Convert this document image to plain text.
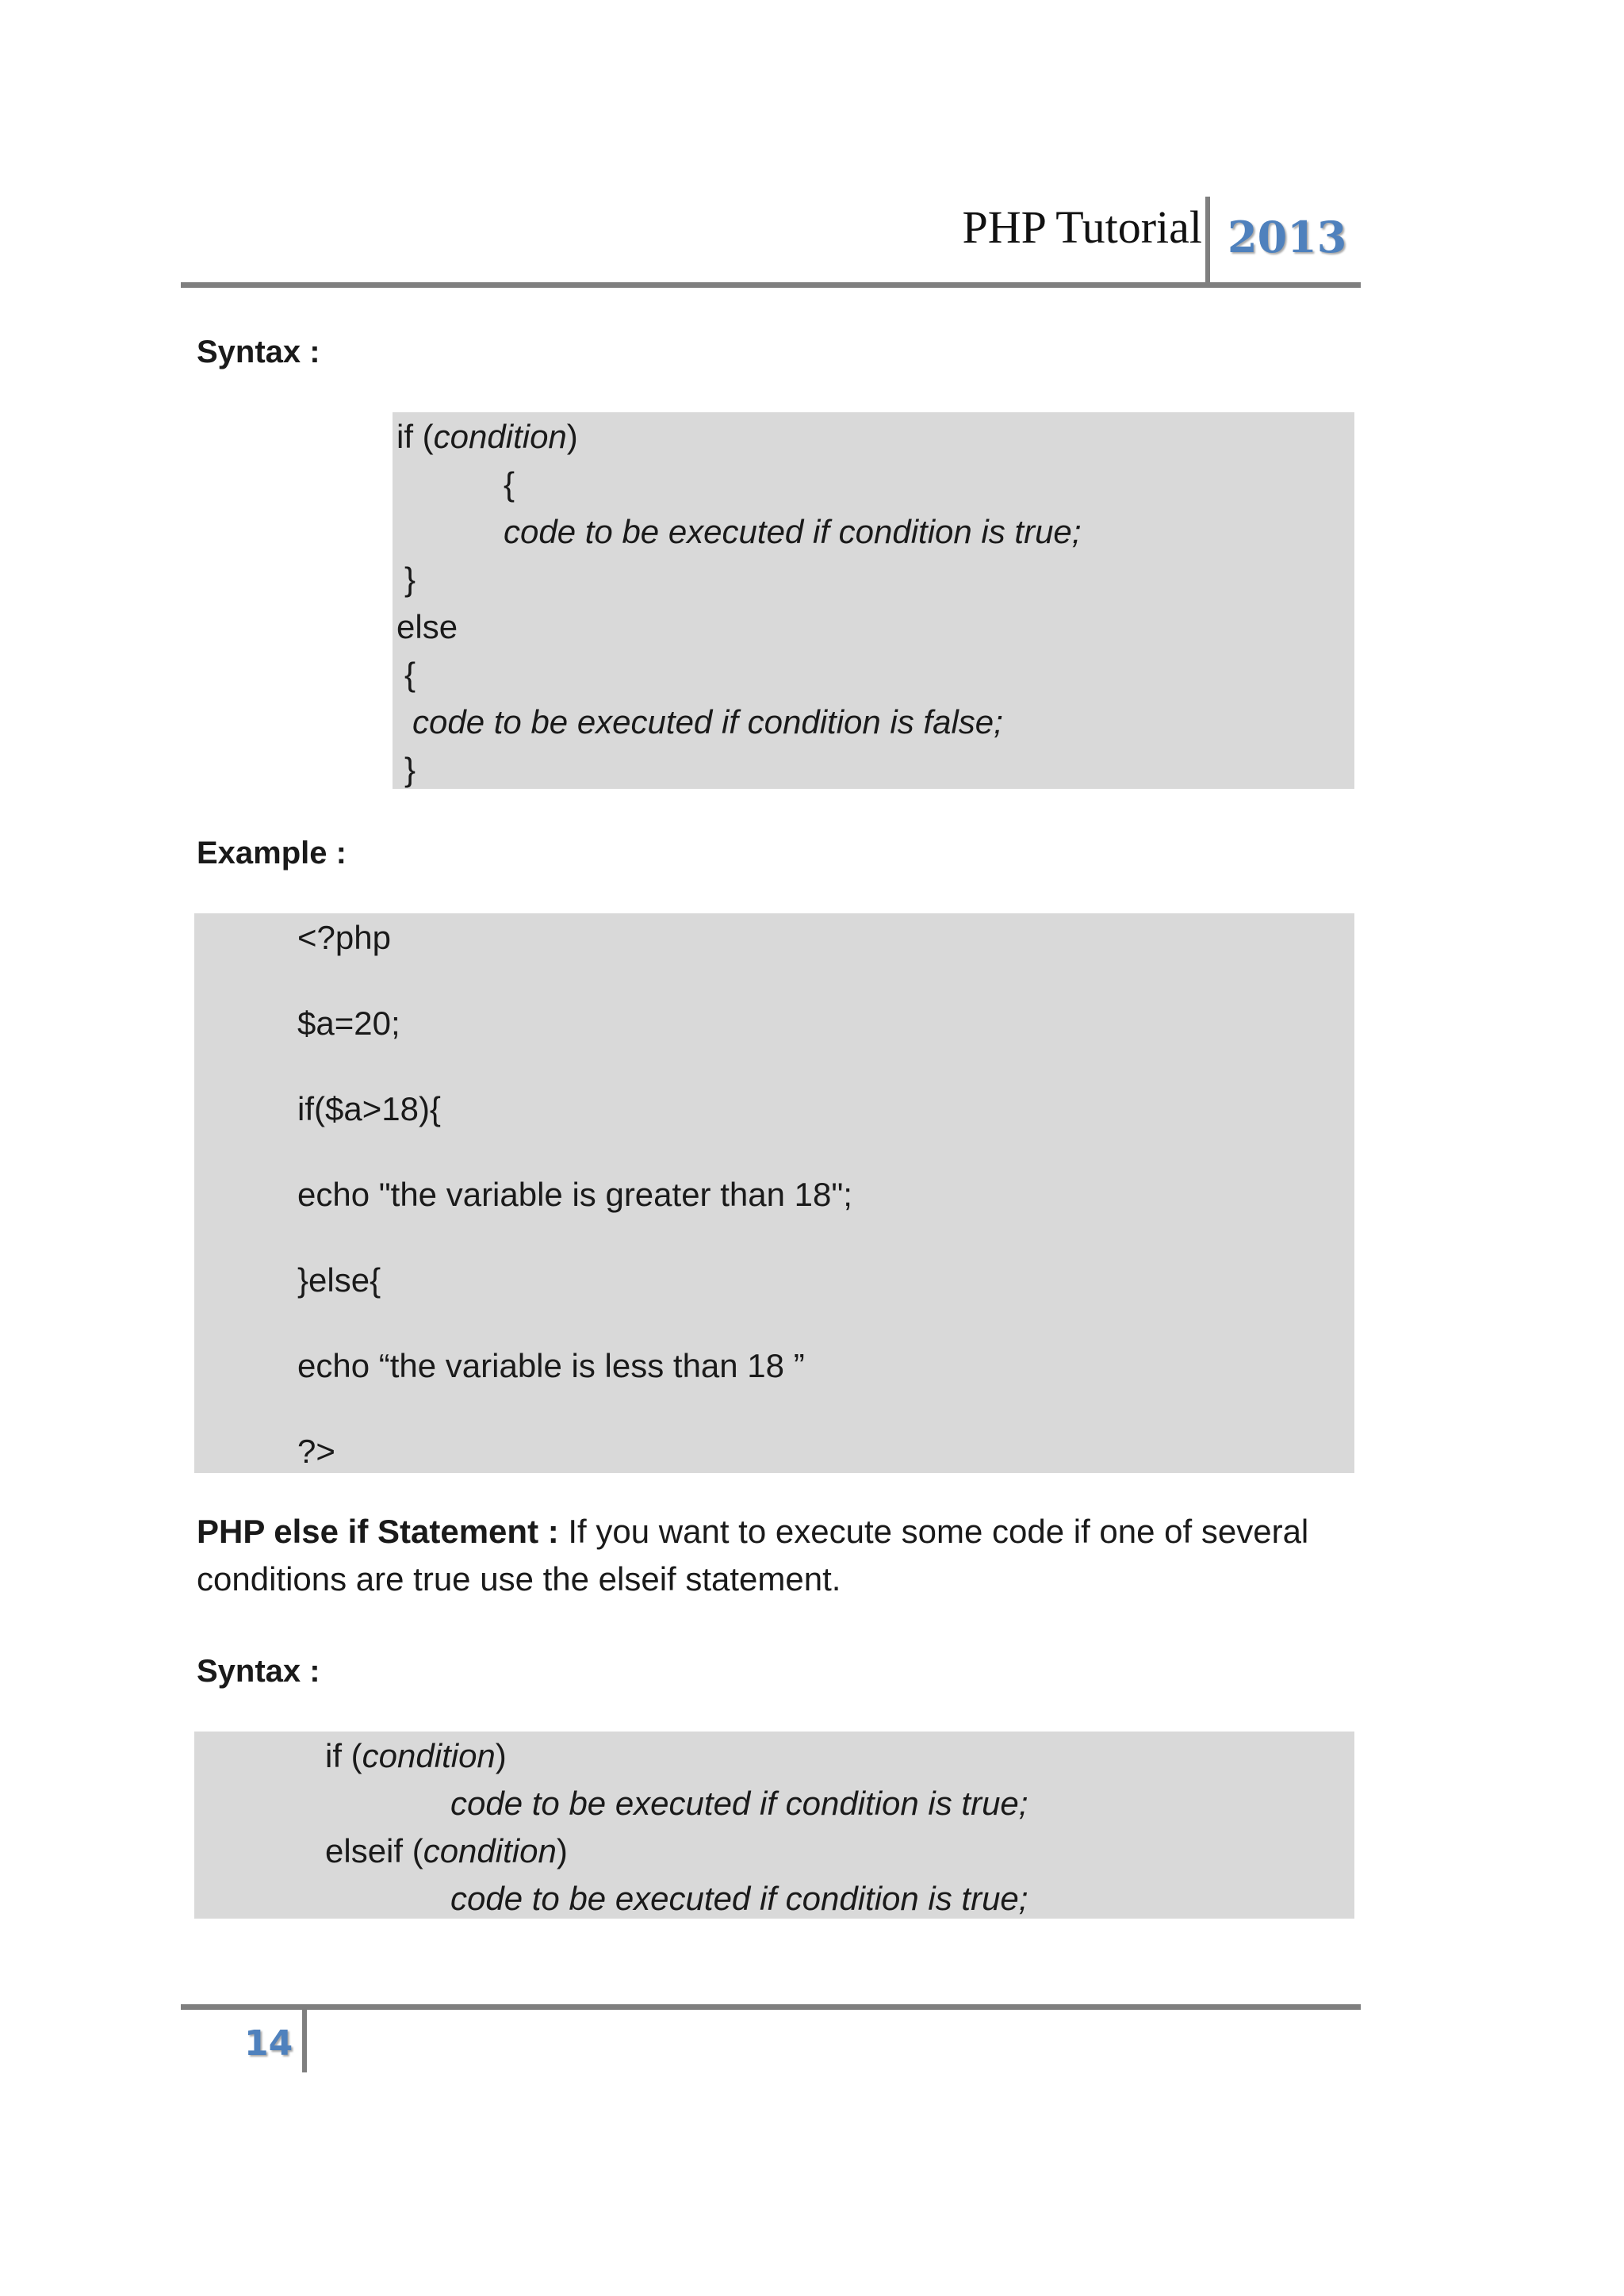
PHP Tutorial 2013
Syntax :
if (condition)
{
code to be executed if condition is true;
}
else
{
code to be executed if condition is false;
}
Example :
<?php
$a=20;
if($a>18){
echo "the variable is greater than 18";
}else{
echo “the variable is less than 18 ”
?>
PHP else if Statement : If you want to execute some code if one of several conditions are true use the elseif statement.
Syntax :
if (condition)
code to be executed if condition is true;
elseif (condition)
code to be executed if condition is true;
14
